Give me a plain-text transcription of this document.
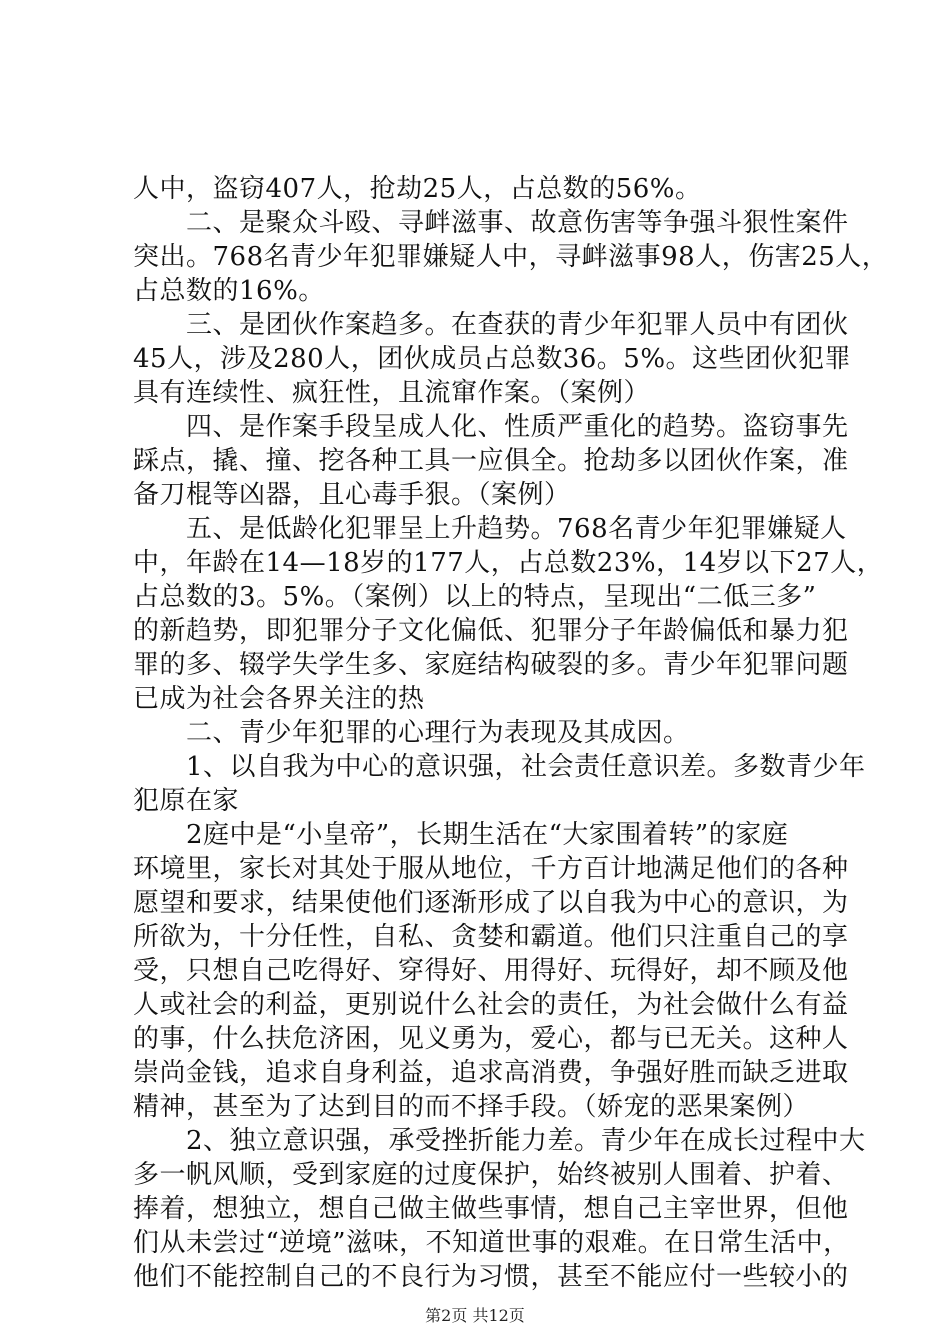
人中，盗窃407人，抢劫25人，占总数的56%。
　　二、是聚众斗殴、寻衅滋事、故意伤害等争强斗狠性案件
突出。768名青少年犯罪嫌疑人中，寻衅滋事98人，伤害25人，
占总数的16%。
　　三、是团伙作案趋多。在查获的青少年犯罪人员中有团伙
45人，涉及280人，团伙成员占总数36。5%。这些团伙犯罪
具有连续性、疯狂性，且流窜作案。（案例）
　　四、是作案手段呈成人化、性质严重化的趋势。盗窃事先
踩点，撬、撞、挖各种工具一应俱全。抢劫多以团伙作案，准
备刀棍等凶器，且心毒手狠。（案例）
　　五、是低龄化犯罪呈上升趋势。768名青少年犯罪嫌疑人
中，年龄在14—18岁的177人，占总数23%，14岁以下27人，
占总数的3。5%。（案例）以上的特点，呈现出“二低三多”
的新趋势，即犯罪分子文化偏低、犯罪分子年龄偏低和暴力犯
罪的多、辍学失学生多、家庭结构破裂的多。青少年犯罪问题
已成为社会各界关注的热
　　二、青少年犯罪的心理行为表现及其成因。
　　1、以自我为中心的意识强，社会责任意识差。多数青少年
犯原在家
　　2庭中是“小皇帝”，长期生活在“大家围着转”的家庭
环境里，家长对其处于服从地位，千方百计地满足他们的各种
愿望和要求，结果使他们逐渐形成了以自我为中心的意识，为
所欲为，十分任性，自私、贪婪和霸道。他们只注重自己的享
受，只想自己吃得好、穿得好、用得好、玩得好，却不顾及他
人或社会的利益，更别说什么社会的责任，为社会做什么有益
的事，什么扶危济困，见义勇为，爱心，都与已无关。这种人
崇尚金钱，追求自身利益，追求高消费，争强好胜而缺乏进取
精神，甚至为了达到目的而不择手段。（娇宠的恶果案例）
　　2、独立意识强，承受挫折能力差。青少年在成长过程中大
多一帆风顺，受到家庭的过度保护，始终被别人围着、护着、
捧着，想独立，想自己做主做些事情，想自己主宰世界，但他
们从未尝过“逆境”滋味，不知道世事的艰难。在日常生活中，
他们不能控制自己的不良行为习惯，甚至不能应付一些较小的
第2页 共12页
